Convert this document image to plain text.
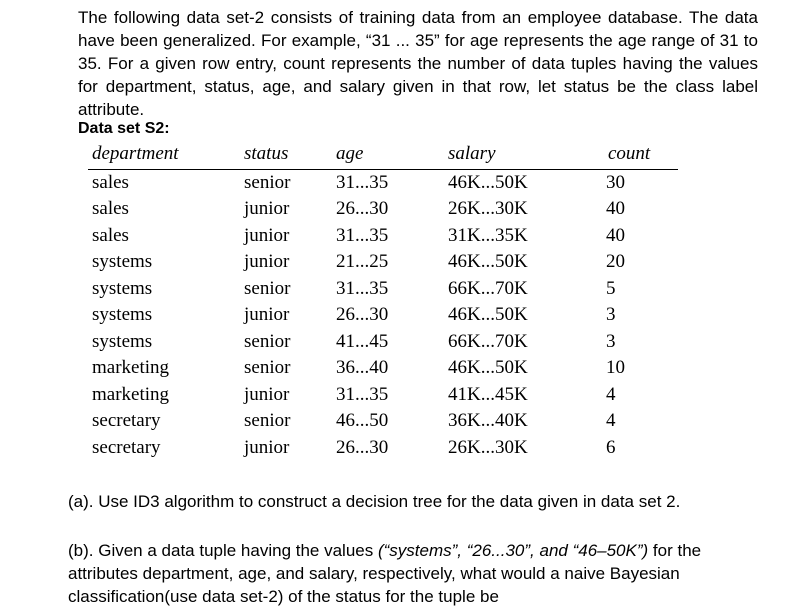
The following data set-2 consists of training data from an employee database. The data have been generalized. For example, “31 ... 35” for age represents the age range of 31 to 35. For a given row entry, count represents the number of data tuples having the values for department, status, age, and salary given in that row, let status be the class label attribute.
Data set S2:
department	status	age	salary	count
sales	senior	31...35	46K...50K	30
sales	junior	26...30	26K...30K	40
sales	junior	31...35	31K...35K	40
systems	junior	21...25	46K...50K	20
systems	senior	31...35	66K...70K	5
systems	junior	26...30	46K...50K	3
systems	senior	41...45	66K...70K	3
marketing	senior	36...40	46K...50K	10
marketing	junior	31...35	41K...45K	4
secretary	senior	46...50	36K...40K	4
secretary	junior	26...30	26K...30K	6
(a). Use ID3 algorithm to construct a decision tree for the data given in data set 2.
(b). Given a data tuple having the values (“systems”, “26...30”, and “46–50K”) for the attributes department, age, and salary, respectively, what would a naive Bayesian classification(use data set-2) of the status for the tuple be
